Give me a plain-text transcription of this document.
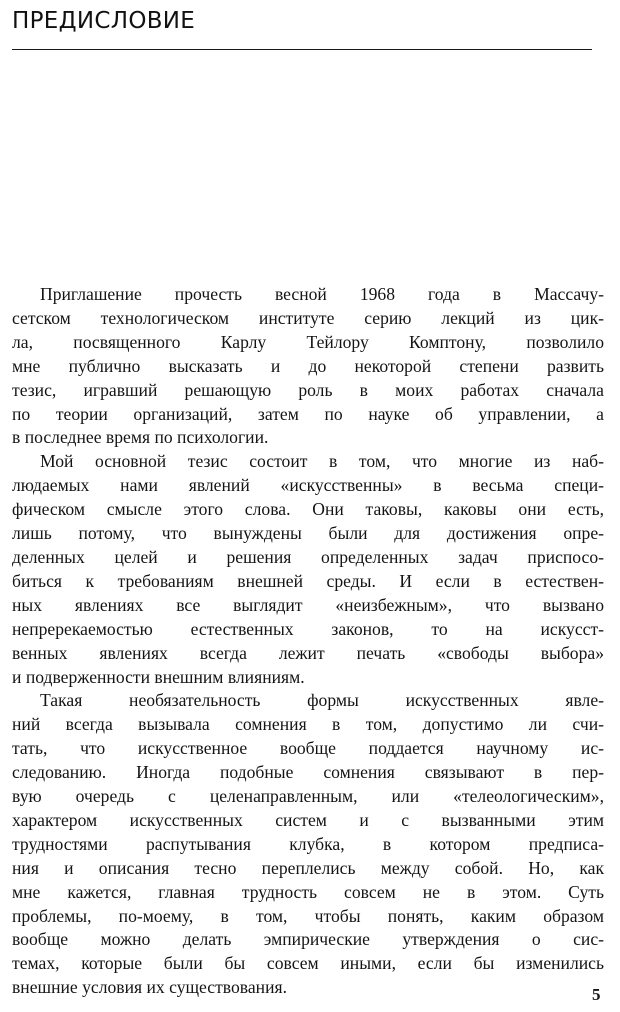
ПРЕДИСЛОВИЕ

Приглашение прочесть весной 1968 года в Массачу-
сетском технологическом институте серию лекций из цик-
ла, посвященного Карлу Тейлору Комптону, позволило
мне публично высказать и до некоторой степени развить
тезис, игравший решающую роль в моих работах сначала
по теории организаций, затем по науке об управлении, а
в последнее время по психологии.

Мой основной тезис состоит в том, что многие из наб-
людаемых нами явлений «искусственны» в весьма специ-
фическом смысле этого слова. Они таковы, каковы они есть,
лишь потому, что вынуждены были для достижения опре-
деленных целей и решения определенных задач приспосо-
биться к требованиям внешней среды. И если в естествен-
ных явлениях все выглядит «неизбежным», что вызвано
непререкаемостью естественных законов, то на искусст-
венных явлениях всегда лежит печать «свободы выбора»
и подверженности внешним влияниям.

Такая необязательность формы искусственных явле-
ний всегда вызывала сомнения в том, допустимо ли счи-
тать, что искусственное вообще поддается научному ис-
следованию. Иногда подобные сомнения связывают в пер-
вую очередь с целенаправленным, или «телеологическим»,
характером искусственных систем и с вызванными этим
трудностями распутывания клубка, в котором предписа-
ния и описания тесно переплелись между собой. Но, как
мне кажется, главная трудность совсем не в этом. Суть
проблемы, по-моему, в том, чтобы понять, каким образом
вообще можно делать эмпирические утверждения о сис-
темах, которые были бы совсем иными, если бы изменились
внешние условия их существования.	5
